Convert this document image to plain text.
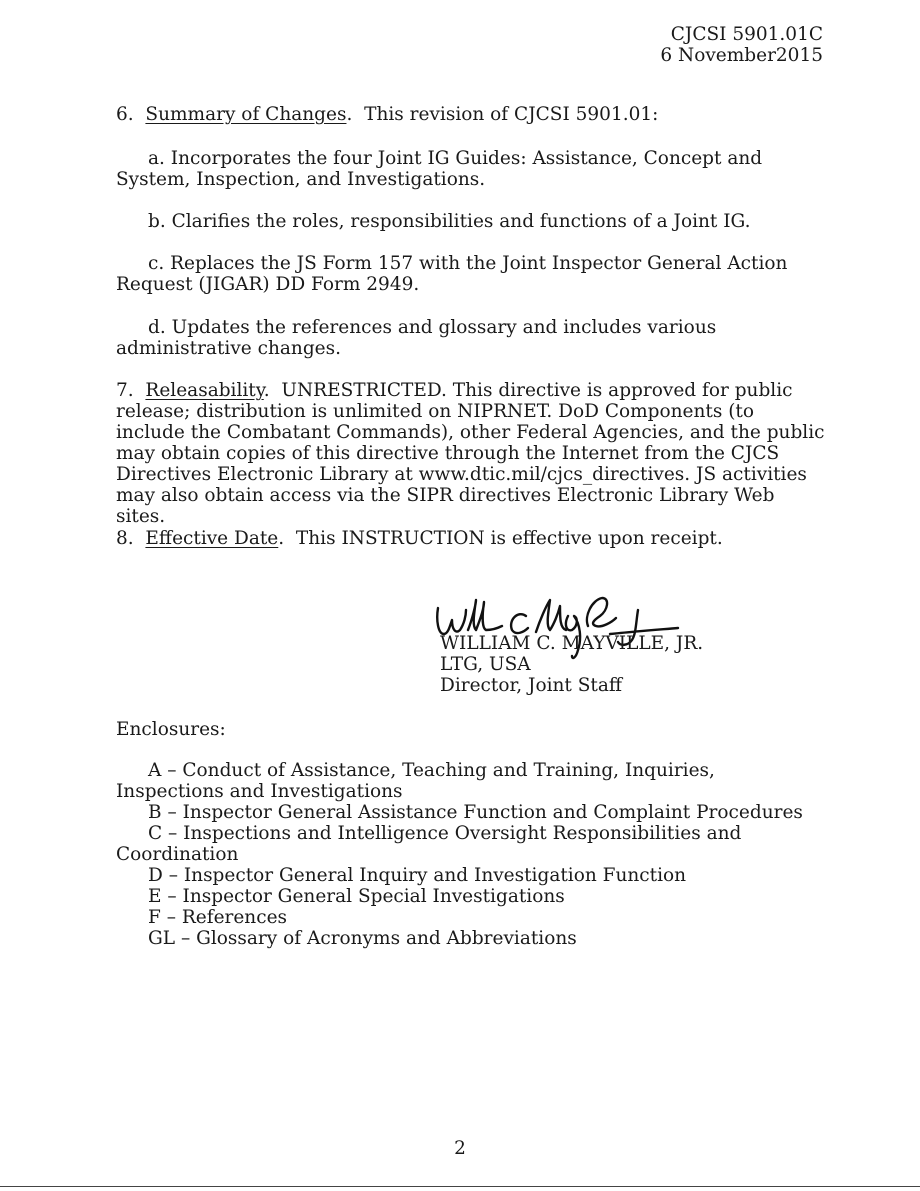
CJCSI 5901.01C
6 November2015

6. Summary of Changes.  This revision of CJCSI 5901.01:

a. Incorporates the four Joint IG Guides: Assistance, Concept and System, Inspection, and Investigations.

b. Clarifies the roles, responsibilities and functions of a Joint IG.

c. Replaces the JS Form 157 with the Joint Inspector General Action Request (JIGAR) DD Form 2949.

d. Updates the references and glossary and includes various administrative changes.

7. Releasability.  UNRESTRICTED. This directive is approved for public release; distribution is unlimited on NIPRNET. DoD Components (to include the Combatant Commands), other Federal Agencies, and the public may obtain copies of this directive through the Internet from the CJCS Directives Electronic Library at www.dtic.mil/cjcs_directives. JS activities may also obtain access via the SIPR directives Electronic Library Web sites.

8. Effective Date.  This INSTRUCTION is effective upon receipt.

WILLIAM C. MAYVILLE, JR.
LTG, USA
Director, Joint Staff

Enclosures:

A – Conduct of Assistance, Teaching and Training, Inquiries, Inspections and Investigations

B – Inspector General Assistance Function and Complaint Procedures

C – Inspections and Intelligence Oversight Responsibilities and Coordination

D – Inspector General Inquiry and Investigation Function

E – Inspector General Special Investigations

F – References

GL – Glossary of Acronyms and Abbreviations

2
